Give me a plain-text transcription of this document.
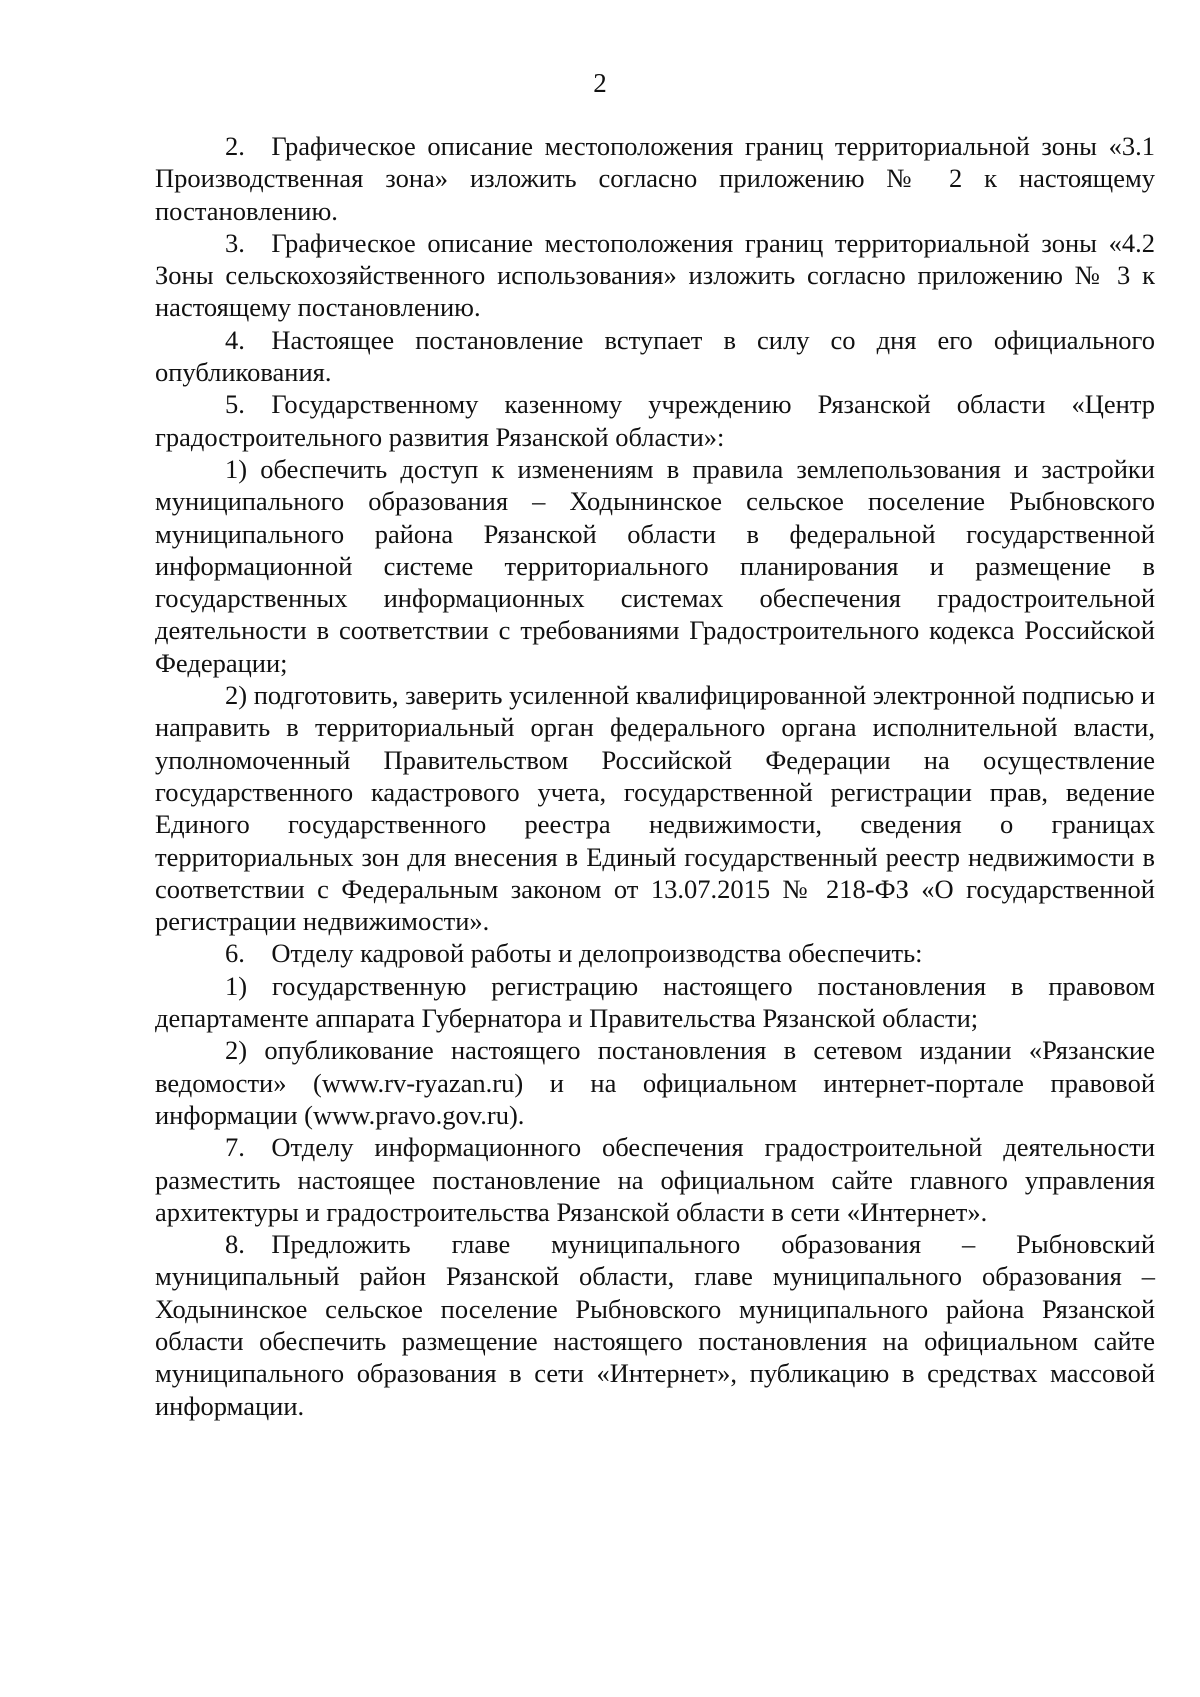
2

2. Графическое описание местоположения границ территориальной зоны «3.1 Производственная зона» изложить согласно приложению № 2 к настоящему постановлению.

3. Графическое описание местоположения границ территориальной зоны «4.2 Зоны сельскохозяйственного использования» изложить согласно приложению № 3 к настоящему постановлению.

4. Настоящее постановление вступает в силу со дня его официального опубликования.

5. Государственному казенному учреждению Рязанской области «Центр градостроительного развития Рязанской области»:

1) обеспечить доступ к изменениям в правила землепользования и застройки муниципального образования – Ходынинское сельское поселение Рыбновского муниципального района Рязанской области в федеральной государственной информационной системе территориального планирования и размещение в государственных информационных системах обеспечения градостроительной деятельности в соответствии с требованиями Градостроительного кодекса Российской Федерации;

2) подготовить, заверить усиленной квалифицированной электронной подписью и направить в территориальный орган федерального органа исполнительной власти, уполномоченный Правительством Российской Федерации на осуществление государственного кадастрового учета, государственной регистрации прав, ведение Единого государственного реестра недвижимости, сведения о границах территориальных зон для внесения в Единый государственный реестр недвижимости в соответствии с Федеральным законом от 13.07.2015 № 218-ФЗ «О государственной регистрации недвижимости».

6. Отделу кадровой работы и делопроизводства обеспечить:

1) государственную регистрацию настоящего постановления в правовом департаменте аппарата Губернатора и Правительства Рязанской области;

2) опубликование настоящего постановления в сетевом издании «Рязанские ведомости» (www.rv-ryazan.ru) и на официальном интернет-портале правовой информации (www.pravo.gov.ru).

7. Отделу информационного обеспечения градостроительной деятельности разместить настоящее постановление на официальном сайте главного управления архитектуры и градостроительства Рязанской области в сети «Интернет».

8. Предложить главе муниципального образования – Рыбновский муниципальный район Рязанской области, главе муниципального образования – Ходынинское сельское поселение Рыбновского муниципального района Рязанской области обеспечить размещение настоящего постановления на официальном сайте муниципального образования в сети «Интернет», публикацию в средствах массовой информации.
